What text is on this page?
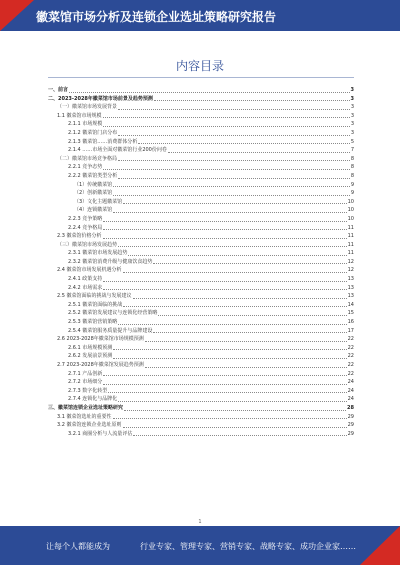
徽菜馆市场分析及连锁企业选址策略研究报告
内容目录
一、前言	3
二、2023-2028年徽菜馆市场前景及趋势预测	3
（一）徽菜馆市场发展背景	3
1.1 徽菜馆市场规模	3
2.1.1 市场规模	3
2.1.2 徽菜馆门店分布	3
2.1.3 徽菜馆……消费群体分析	5
2.1.4 ……市场全面对徽菜馆行业200份问卷	7
（二）徽菜馆市场竞争格局	8
2.2.1 竞争态势	8
2.2.2 徽菜馆类型分析	8
（1）传统徽菜馆	9
（2）创新徽菜馆	9
（3）文化主题徽菜馆	10
（4）连锁徽菜馆	10
2.2.3 竞争策略	10
2.2.4 竞争格局	11
2.3 徽菜馆价格分析	11
（三）徽菜馆市场发展趋势	11
2.3.1 徽菜馆市场发展趋势	11
2.3.2 徽菜馆消费升级与健康饮食趋势	12
2.4 徽菜馆市场发展机遇分析	12
2.4.1 政策支持	13
2.4.2 市场需求	13
2.5 徽菜馆面临的挑战与发展建议	13
2.5.1 徽菜馆面临的挑战	14
2.5.2 徽菜馆发展建议与连锁化经营策略	15
2.5.3 徽菜馆营销策略	16
2.5.4 徽菜馆服务质量提升与品牌建设	17
2.6 2023-2028年徽菜馆市场规模预测	22
2.6.1 市场规模预测	22
2.6.2 发展前景预测	22
2.7 2023-2028年徽菜馆发展趋势预测	22
2.7.1 产品创新	22
2.7.2 市场细分	24
2.7.3 数字化转型	24
2.7.4 连锁化与品牌化	24
三、徽菜馆连锁企业选址策略研究	28
3.1 徽菜馆选址的重要性	29
3.2 徽菜馆连锁企业选址原则	29
3.2.1 商圈分析与人流量评估	29
1
让每个人都能成为	行业专家、管理专家、营销专家、战略专家、成功企业家……
